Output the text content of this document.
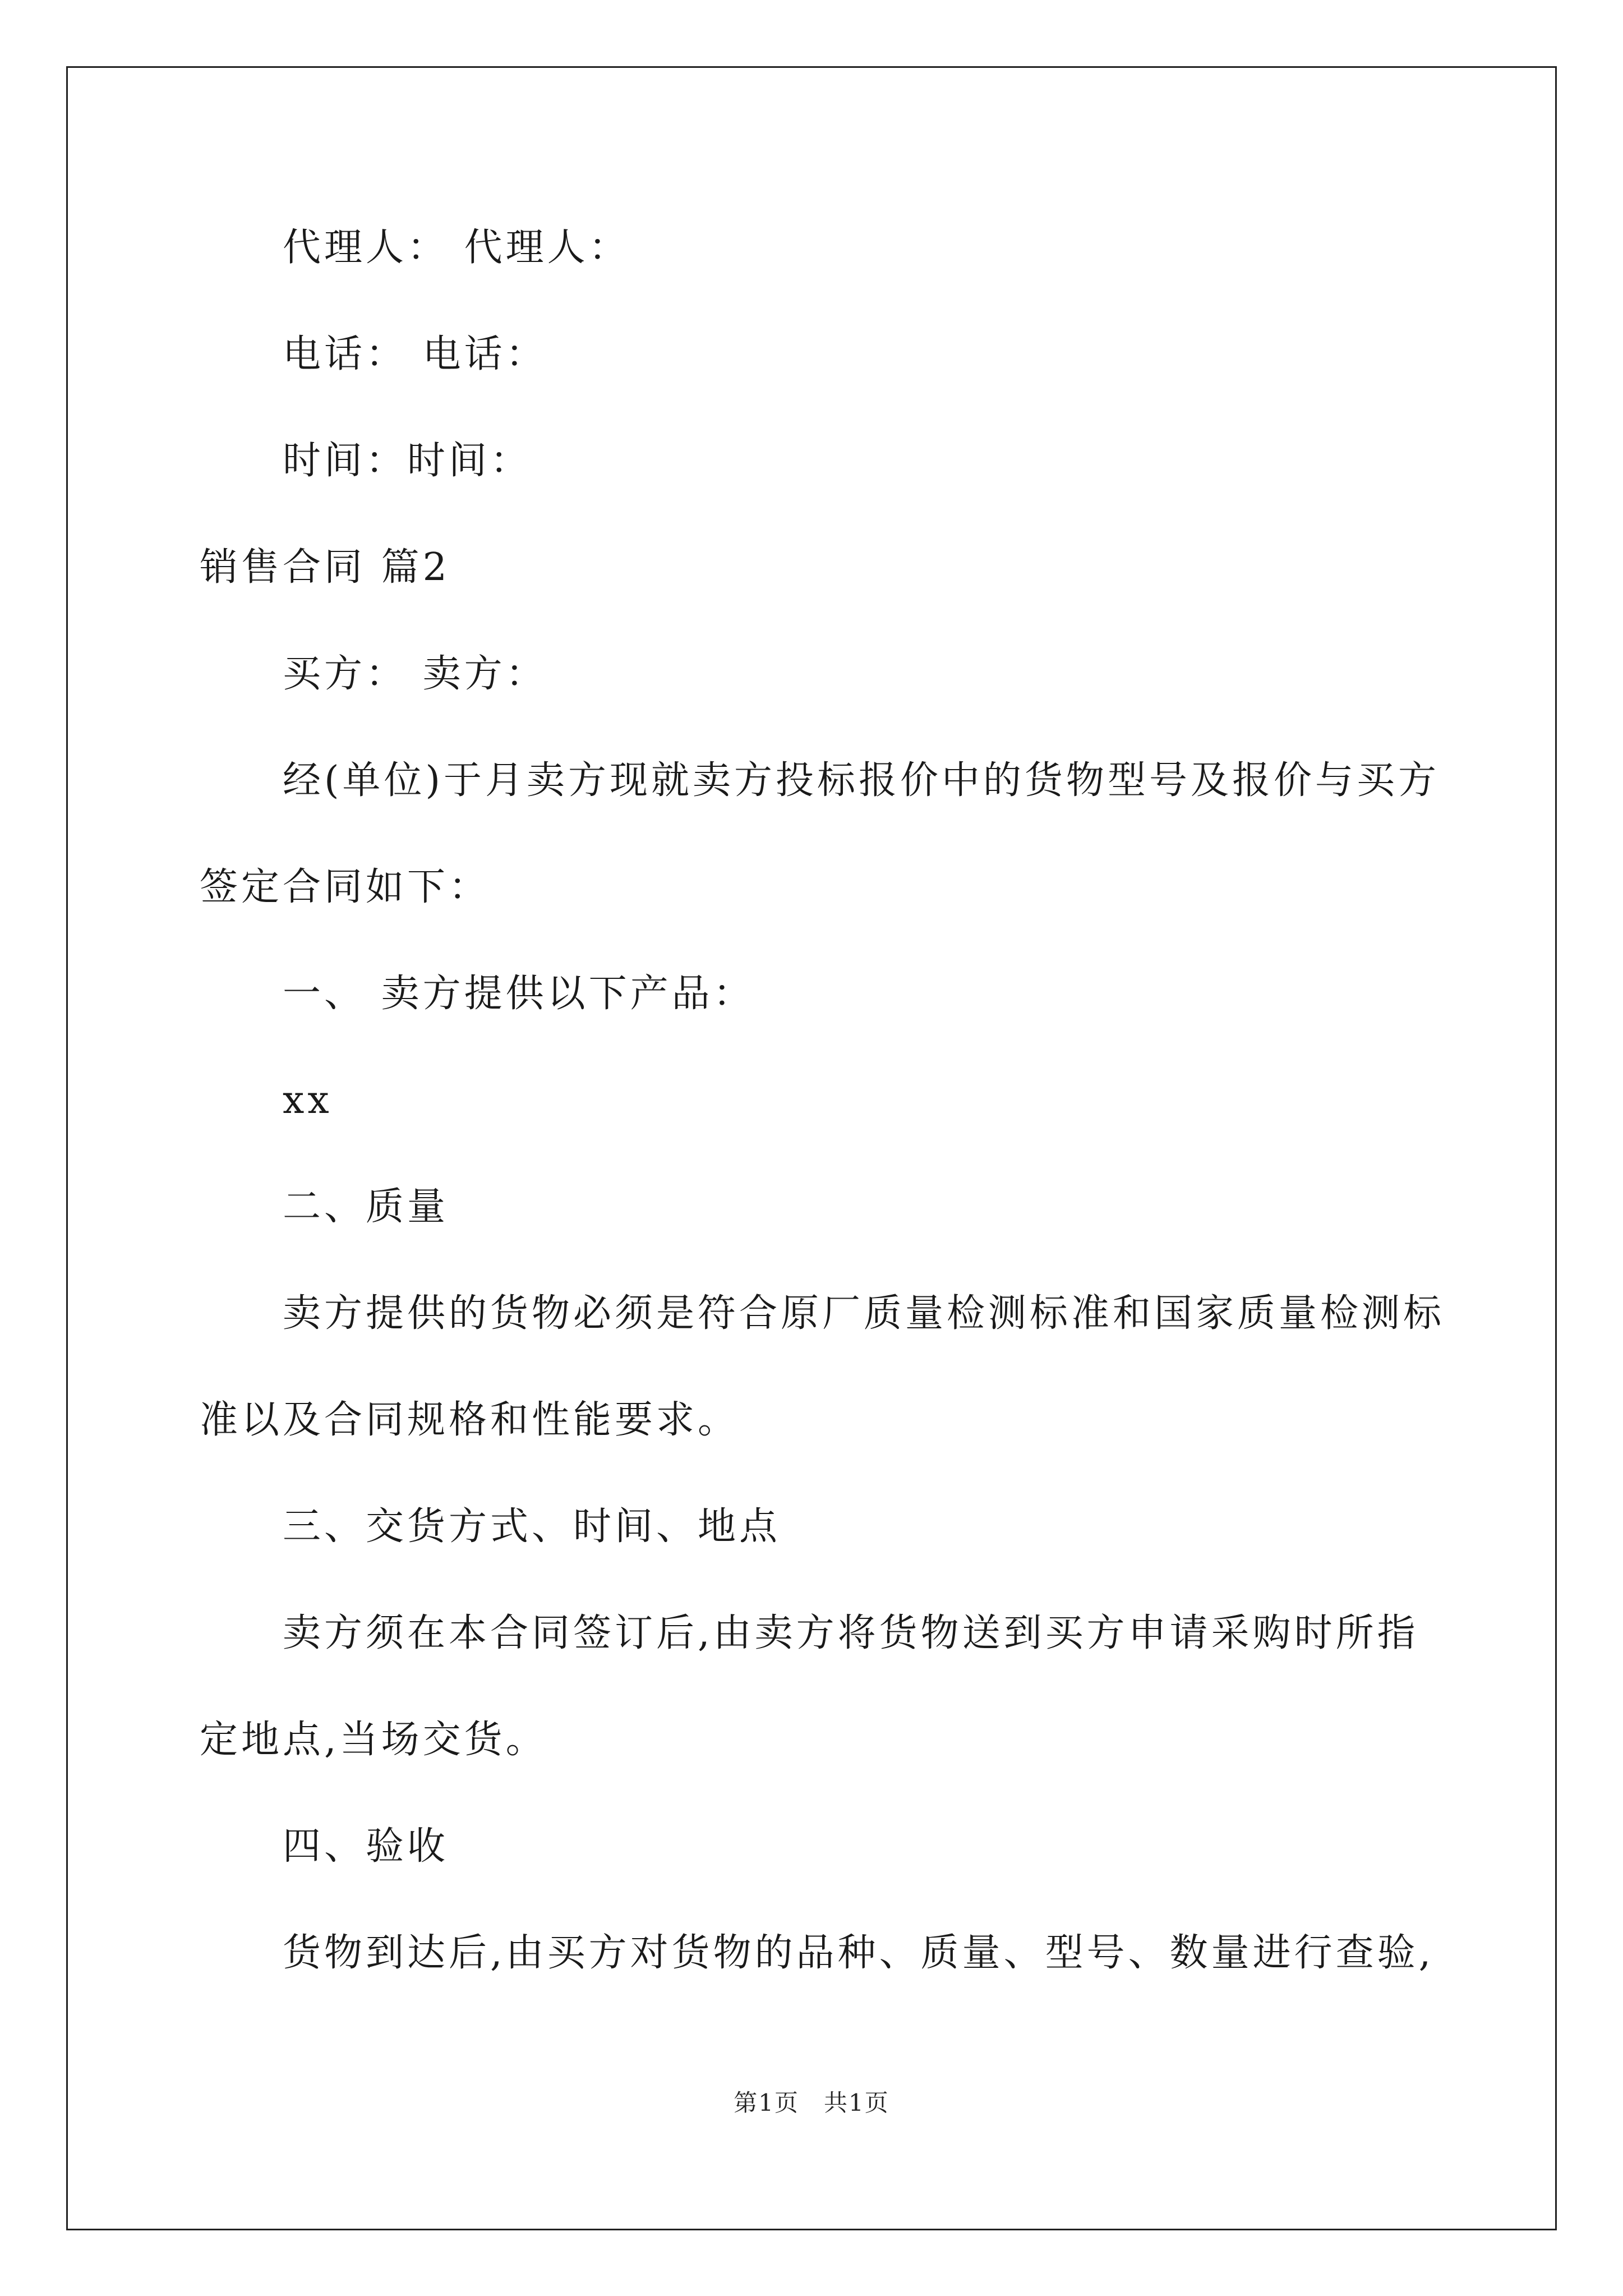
代理人： 代理人：
电话： 电话：
时间：时间：
销售合同 篇2
买方： 卖方：
经(单位)于月卖方现就卖方投标报价中的货物型号及报价与买方
签定合同如下：
一、 卖方提供以下产品：
xx
二、质量
卖方提供的货物必须是符合原厂质量检测标准和国家质量检测标
准以及合同规格和性能要求。
三、交货方式、时间、地点
卖方须在本合同签订后,由卖方将货物送到买方申请采购时所指
定地点,当场交货。
四、验收
货物到达后,由买方对货物的品种、质量、型号、数量进行查验,
第1页　共1页
